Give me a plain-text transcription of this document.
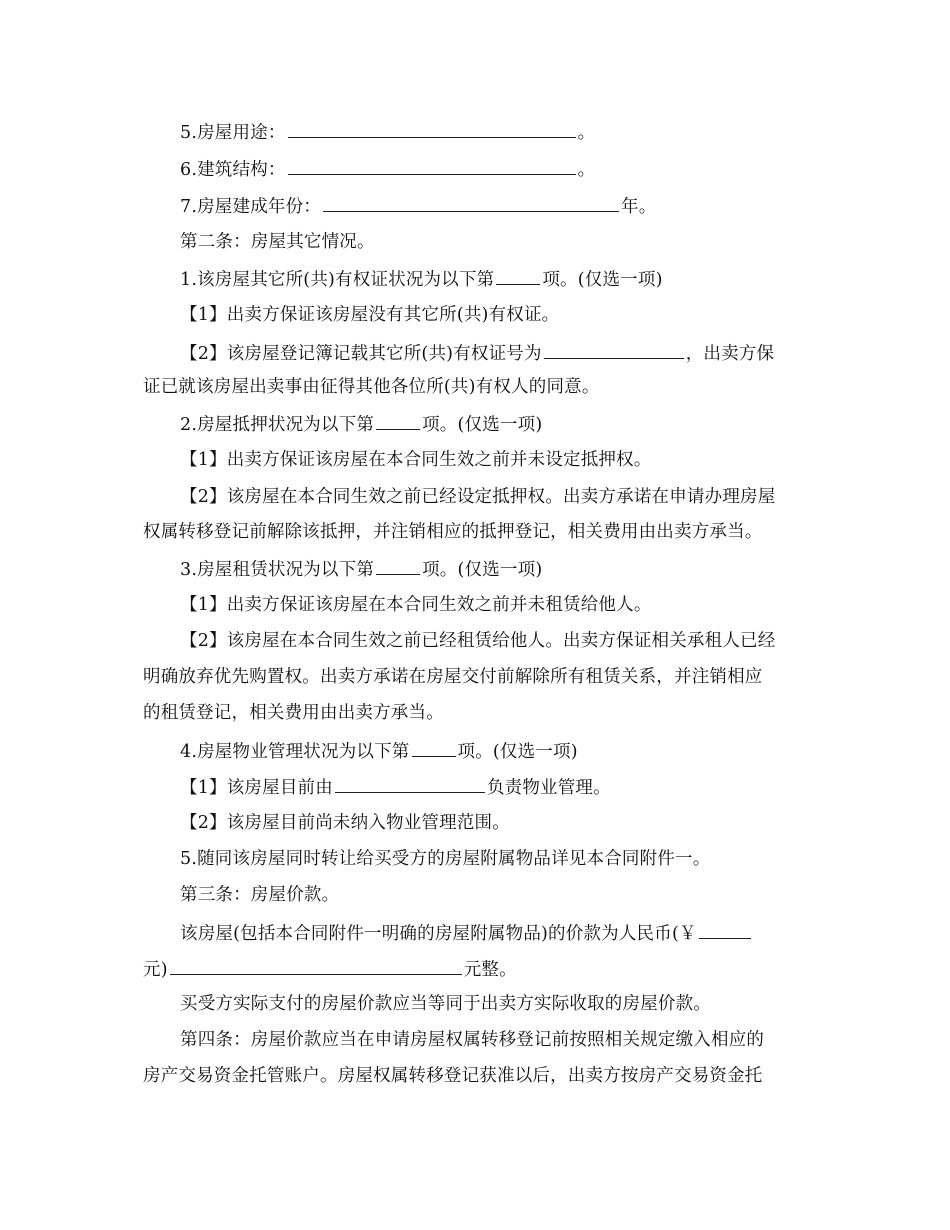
5.房屋用途：	。
6.建筑结构：	。
7.房屋建成年份：	年。
第二条：房屋其它情况。
1.该房屋其它所(共)有权证状况为以下第	项。(仅选一项)
【1】出卖方保证该房屋没有其它所(共)有权证。
【2】该房屋登记簿记载其它所(共)有权证号为	，出卖方保
证已就该房屋出卖事由征得其他各位所(共)有权人的同意。
2.房屋抵押状况为以下第	项。(仅选一项)
【1】出卖方保证该房屋在本合同生效之前并未设定抵押权。
【2】该房屋在本合同生效之前已经设定抵押权。出卖方承诺在申请办理房屋
权属转移登记前解除该抵押，并注销相应的抵押登记，相关费用由出卖方承当。
3.房屋租赁状况为以下第	项。(仅选一项)
【1】出卖方保证该房屋在本合同生效之前并未租赁给他人。
【2】该房屋在本合同生效之前已经租赁给他人。出卖方保证相关承租人已经
明确放弃优先购置权。出卖方承诺在房屋交付前解除所有租赁关系，并注销相应
的租赁登记，相关费用由出卖方承当。
4.房屋物业管理状况为以下第	项。(仅选一项)
【1】该房屋目前由	负责物业管理。
【2】该房屋目前尚未纳入物业管理范围。
5.随同该房屋同时转让给买受方的房屋附属物品详见本合同附件一。
第三条：房屋价款。
该房屋(包括本合同附件一明确的房屋附属物品)的价款为人民币(￥
元)	元整。
买受方实际支付的房屋价款应当等同于出卖方实际收取的房屋价款。
第四条：房屋价款应当在申请房屋权属转移登记前按照相关规定缴入相应的
房产交易资金托管账户。房屋权属转移登记获准以后，出卖方按房产交易资金托
